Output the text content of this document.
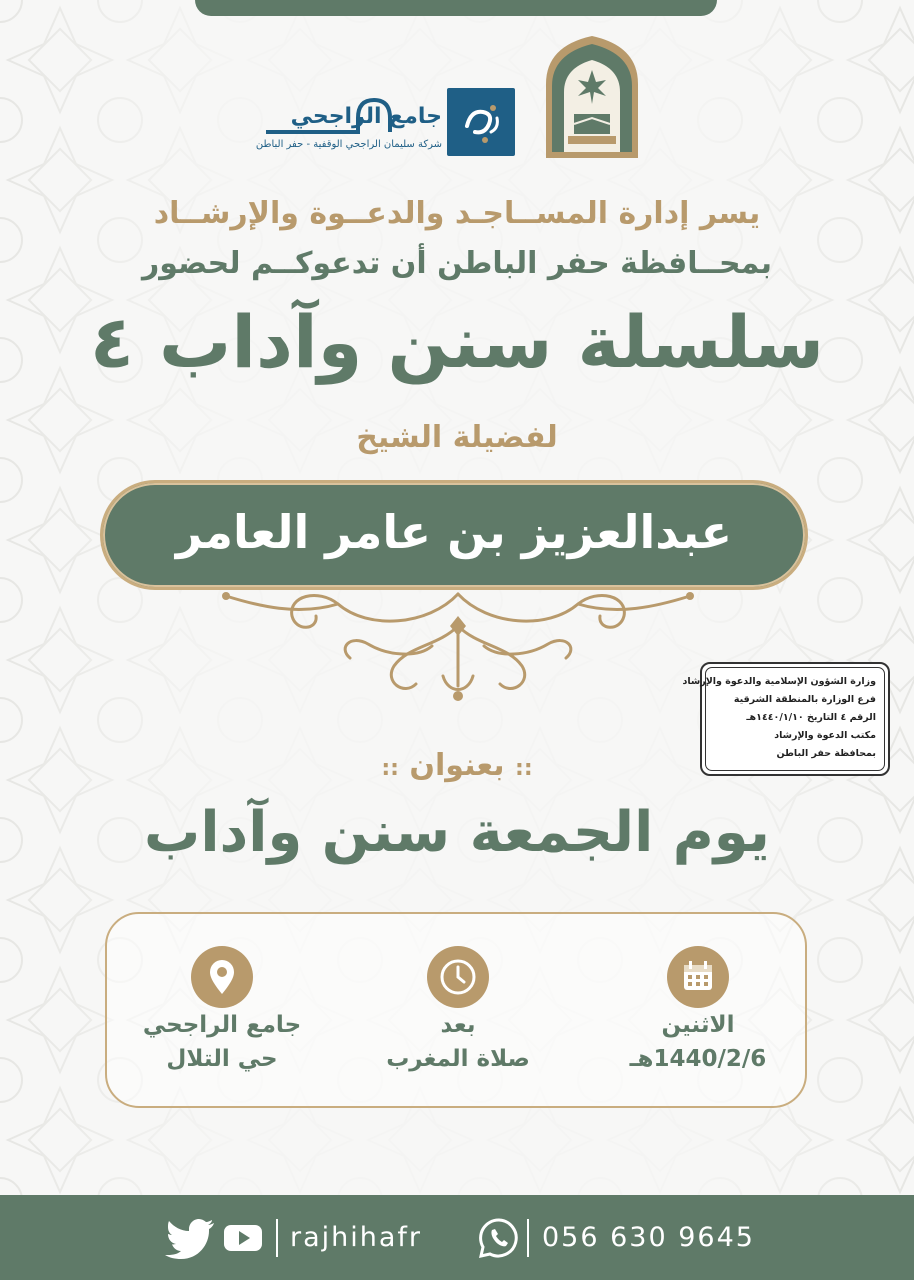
جامع الراجحي
شركة سليمان الراجحي الوقفية - حفر الباطن
يسر إدارة المســاجـد والدعــوة والإرشــاد
بمحــافظة حفر الباطن أن تدعوكــم لحضور
سلسلة سنن وآداب ٤
لفضيلة الشيخ
عبدالعزيز بن عامر العامر
وزارة الشؤون الإسلامية والدعوة والإرشاد
فرع الوزارة بالمنطقة الشرقية
الرقم ٤ التاريخ ١٤٤٠/١/١٠هـ
مكتب الدعوة والإرشاد
بمحافظة حفر الباطن
:: بعنوان ::
يوم الجمعة سنن وآداب
الاثنين
1440/2/6هـ
بعد
صلاة المغرب
جامع الراجحي
حي التلال
rajhihafr	056 630 9645
